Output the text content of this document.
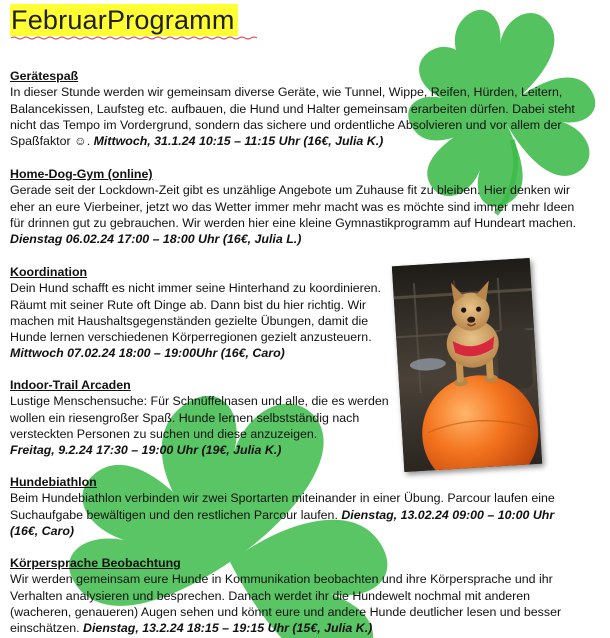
FebruarProgramm
Gerätespaß

In dieser Stunde werden wir gemeinsam diverse Geräte, wie Tunnel, Wippe, Reifen, Hürden, Leitern, Balancekissen, Laufsteg etc. aufbauen, die Hund und Halter gemeinsam erarbeiten dürfen. Dabei steht nicht das Tempo im Vordergrund, sondern das sichere und ordentliche Absolvieren und vor allem der Spaßfaktor ☺. Mittwoch, 31.1.24 10:15 – 11:15 Uhr (16€, Julia K.)

Home-Dog-Gym (online)

Gerade seit der Lockdown-Zeit gibt es unzählige Angebote um Zuhause fit zu bleiben. Hier denken wir eher an eure Vierbeiner, jetzt wo das Wetter immer mehr macht was es möchte sind immer mehr Ideen für drinnen gut zu gebrauchen. Wir werden hier eine kleine Gymnastikprogramm auf Hundeart machen.

Dienstag 06.02.24 17:00 – 18:00 Uhr (16€, Julia L.)

Koordination

Dein Hund schafft es nicht immer seine Hinterhand zu koordinieren. Räumt mit seiner Rute oft Dinge ab. Dann bist du hier richtig. Wir machen mit Haushaltsgegenständen gezielte Übungen, damit die Hunde lernen verschiedenen Körperregionen gezielt anzusteuern.

Mittwoch 07.02.24 18:00 – 19:00Uhr (16€, Caro)

Indoor-Trail Arcaden

Lustige Menschensuche: Für Schnüffelnasen und alle, die es werden wollen ein riesengroßer Spaß. Hunde lernen selbstständig nach versteckten Personen zu suchen und diese anzuzeigen.

Freitag, 9.2.24 17:30 – 19:00 Uhr (19€, Julia K.)

Hundebiathlon

Beim Hundebiathlon verbinden wir zwei Sportarten miteinander in einer Übung. Parcour laufen eine Suchaufgabe bewältigen und den restlichen Parcour laufen. Dienstag, 13.02.24 09:00 – 10:00 Uhr (16€, Caro)

Körpersprache Beobachtung

Wir werden gemeinsam eure Hunde in Kommunikation beobachten und ihre Körpersprache und ihr Verhalten analysieren und besprechen. Danach werdet ihr die Hundewelt nochmal mit anderen (wacheren, genaueren) Augen sehen und könnt eure und andere Hunde deutlicher lesen und besser einschätzen. Dienstag, 13.2.24 18:15 – 19:15 Uhr (15€, Julia K.)
